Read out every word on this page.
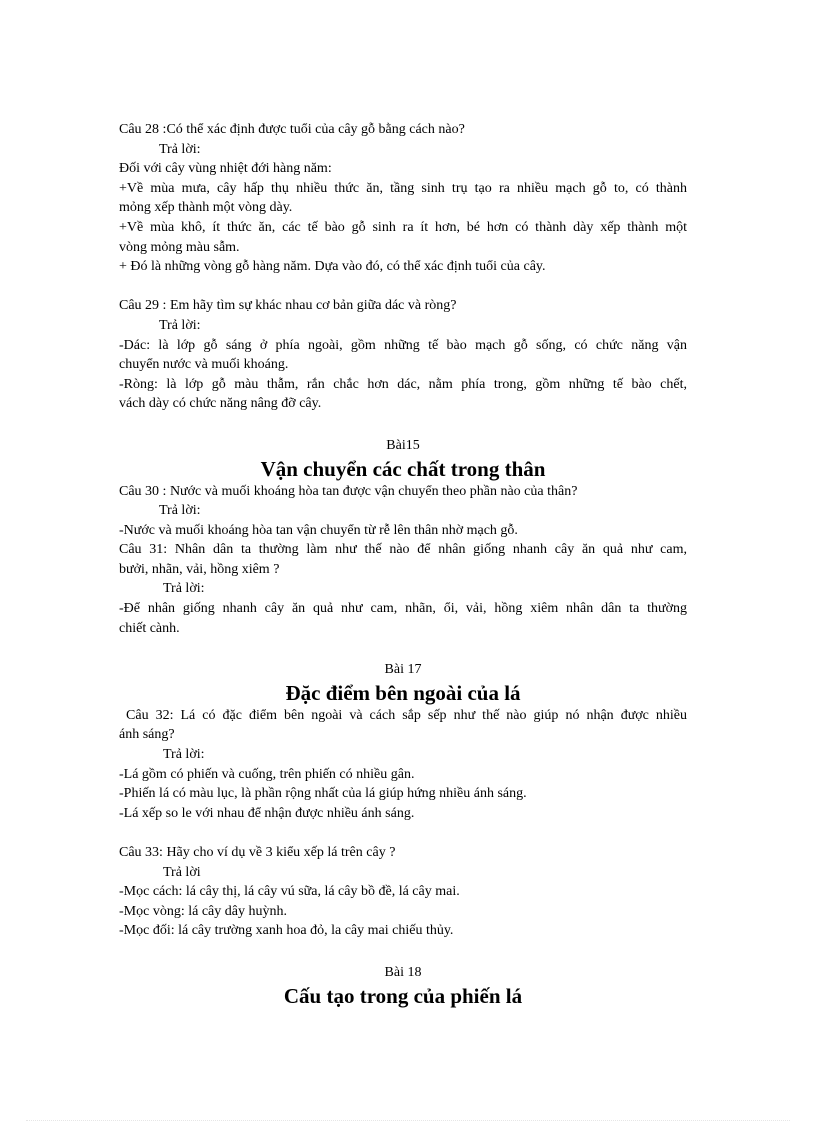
Câu 28 :Có thể xác định được tuổi của cây gỗ bằng cách nào?
Trả lời:
Đối với cây vùng nhiệt đới hàng năm:
+Về mùa mưa, cây hấp thụ nhiều thức ăn, tầng sinh trụ tạo ra nhiều mạch gỗ to, có thành
mỏng xếp thành một vòng dày.
+Về mùa khô, ít thức ăn, các tế bào gỗ sinh ra ít hơn, bé hơn có thành dày xếp thành một
vòng mỏng màu sẫm.
+ Đó là những vòng gỗ hàng năm. Dựa vào đó, có thể xác định tuổi của cây.
Câu 29 : Em hãy tìm sự khác nhau cơ bản giữa dác và ròng?
Trả lời:
-Dác: là lớp gỗ sáng ở phía ngoài, gồm những tế bào mạch gỗ sống, có chức năng vận
chuyển nước và muối khoáng.
-Ròng: là lớp gỗ màu thẫm, rắn chắc hơn dác, nằm phía trong, gồm những tế bào chết,
vách dày có chức năng nâng đỡ cây.
Bài15
Vận chuyển các chất trong thân
Câu 30 : Nước và muối khoáng hòa tan được vận chuyển theo phần nào của thân?
Trả lời:
-Nước và muối khoáng hòa tan vận chuyển từ rễ lên thân nhờ mạch gỗ.
Câu 31: Nhân dân ta thường làm như thế nào để nhân giống nhanh cây ăn quả như cam,
bưởi, nhãn, vải, hồng xiêm ?
Trả lời:
-Để nhân giống nhanh cây ăn quả như cam, nhãn, ổi, vải, hồng xiêm nhân dân ta thường
chiết cành.
Bài 17
Đặc điểm bên ngoài của lá
Câu 32: Lá có đặc điểm bên ngoài và cách sắp sếp như thế nào giúp nó nhận được nhiều
ánh sáng?
Trả lời:
-Lá gồm có phiến và cuống, trên phiến có nhiều gân.
-Phiến lá có màu lục, là phần rộng nhất của lá giúp hứng nhiều ánh sáng.
-Lá xếp so le với nhau để nhận được nhiều ánh sáng.
Câu 33: Hãy cho ví dụ về 3 kiểu xếp lá trên cây ?
Trả lời
-Mọc cách: lá cây thị, lá cây vú sữa, lá cây bồ đề, lá cây mai.
-Mọc vòng: lá cây dây huỳnh.
-Mọc đối: lá cây trường xanh hoa đỏ, la cây mai chiếu thủy.
Bài 18
Cấu tạo trong của phiến lá
